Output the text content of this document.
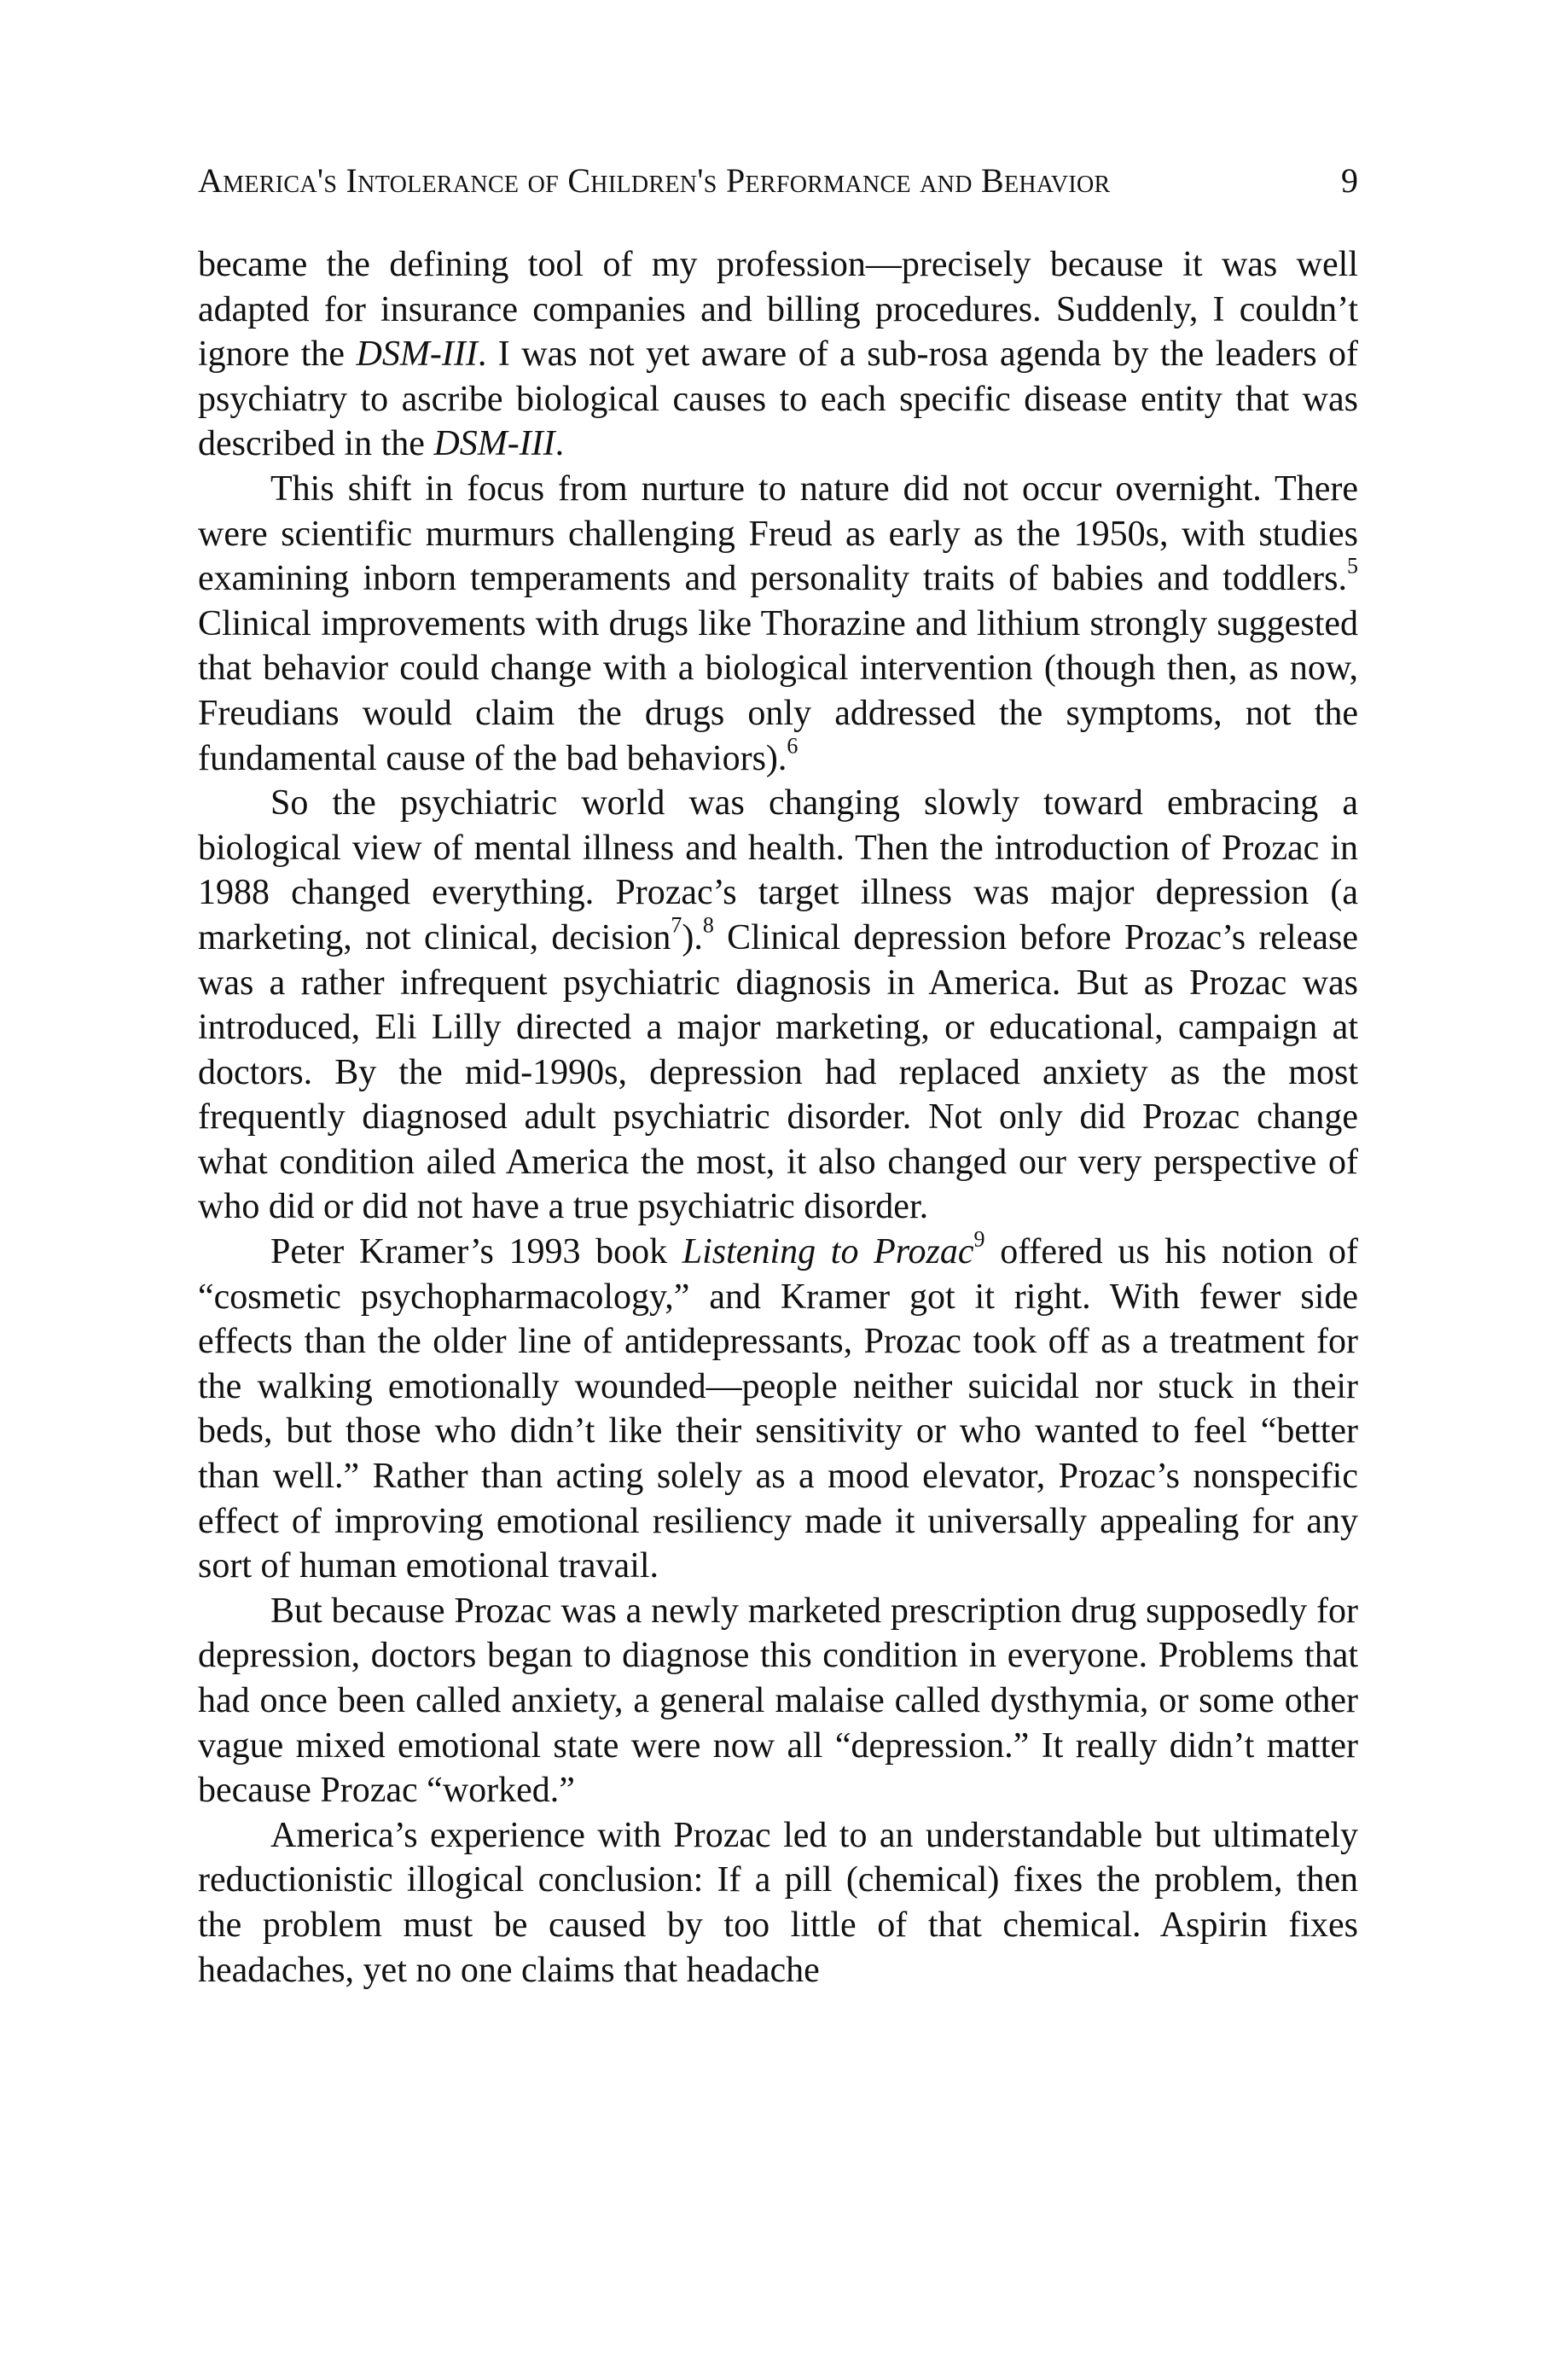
America's Intolerance of Children's Performance and Behavior	9

became the defining tool of my profession—precisely because it was well adapted for insurance companies and billing procedures. Suddenly, I couldn’t ignore the DSM-III. I was not yet aware of a sub-rosa agenda by the leaders of psychiatry to ascribe biological causes to each specific disease entity that was described in the DSM-III.

This shift in focus from nurture to nature did not occur overnight. There were scientific murmurs challenging Freud as early as the 1950s, with studies examining inborn temperaments and personality traits of babies and toddlers.$^5$ Clinical improvements with drugs like Thorazine and lithium strongly suggested that behavior could change with a biological intervention (though then, as now, Freudians would claim the drugs only addressed the symptoms, not the fundamental cause of the bad behaviors).$^6$

So the psychiatric world was changing slowly toward embracing a biological view of mental illness and health. Then the introduction of Prozac in 1988 changed everything. Prozac’s target illness was major depression (a marketing, not clinical, decision$^7$).$^8$ Clinical depression before Prozac’s release was a rather infrequent psychiatric diagnosis in America. But as Prozac was introduced, Eli Lilly directed a major marketing, or educational, campaign at doctors. By the mid-1990s, depression had replaced anxiety as the most frequently diagnosed adult psychiatric disorder. Not only did Prozac change what condition ailed America the most, it also changed our very perspective of who did or did not have a true psychiatric disorder.

Peter Kramer’s 1993 book Listening to Prozac$^9$ offered us his notion of “cosmetic psychopharmacology,” and Kramer got it right. With fewer side effects than the older line of antidepressants, Prozac took off as a treatment for the walking emotionally wounded—people neither suicidal nor stuck in their beds, but those who didn’t like their sensitivity or who wanted to feel “better than well.” Rather than acting solely as a mood elevator, Prozac’s nonspecific effect of improving emotional resiliency made it universally appealing for any sort of human emotional travail.

But because Prozac was a newly marketed prescription drug supposedly for depression, doctors began to diagnose this condition in everyone. Problems that had once been called anxiety, a general malaise called dysthymia, or some other vague mixed emotional state were now all “depression.” It really didn’t matter because Prozac “worked.”

America’s experience with Prozac led to an understandable but ultimately reductionistic illogical conclusion: If a pill (chemical) fixes the problem, then the problem must be caused by too little of that chemical. Aspirin fixes headaches, yet no one claims that headache
